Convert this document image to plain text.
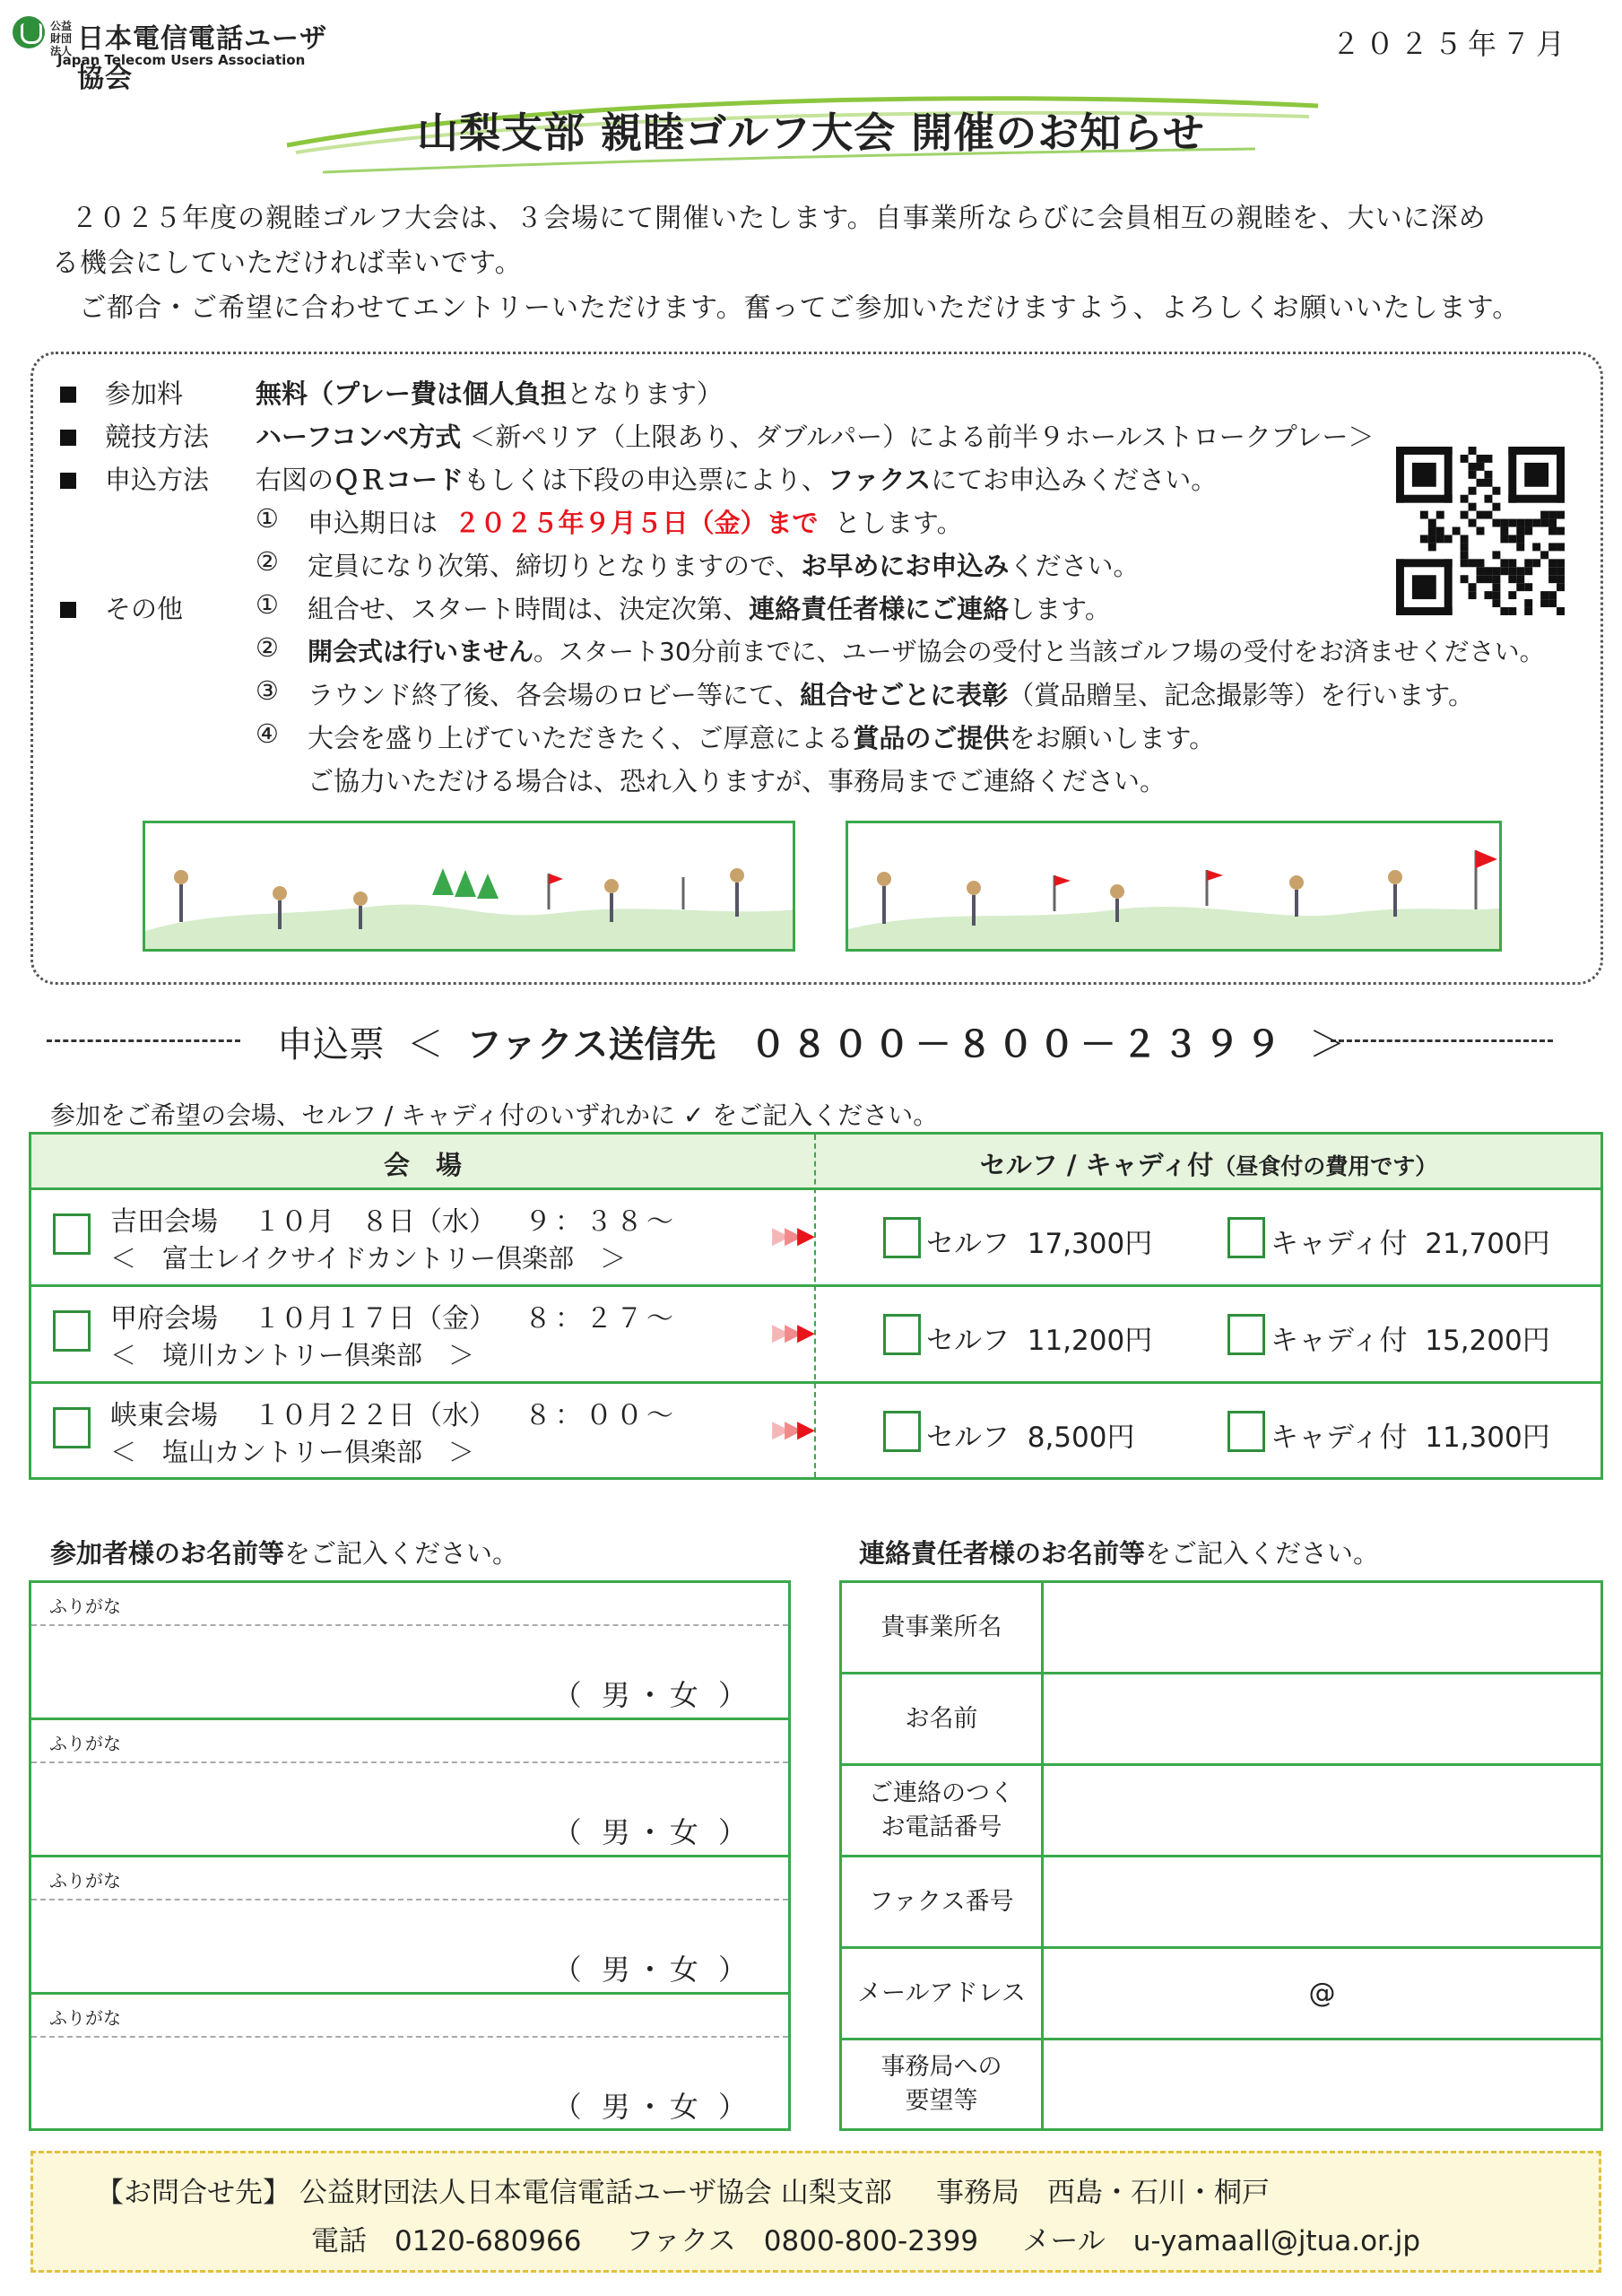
公益財団法人 日本電信電話ユーザ協会
Japan Telecom Users Association	２０２５年７月
山梨支部 親睦ゴルフ大会 開催のお知らせ
２０２５年度の親睦ゴルフ大会は、３会場にて開催いたします。自事業所ならびに会員相互の親睦を、大いに深め
る機会にしていただければ幸いです。
ご都合・ご希望に合わせてエントリーいただけます。奮ってご参加いただけますよう、よろしくお願いいたします。
参加料	無料（プレー費は個人負担となります）
競技方法 ハーフコンペ方式 ＜新ペリア（上限あり、ダブルパー）による前半９ホールストロークプレー＞
申込方法 右図のＱＲコードもしくは下段の申込票により、ファクスにてお申込みください。
① 申込期日は ２０２５年９月５日（金）まで とします。
② 定員になり次第、締切りとなりますので、お早めにお申込みください。
その他	① 組合せ、スタート時間は、決定次第、連絡責任者様にご連絡します。
② 開会式は行いません。スタート30分前までに、ユーザ協会の受付と当該ゴルフ場の受付をお済ませください。
③ ラウンド終了後、各会場のロビー等にて、組合せごとに表彰（賞品贈呈、記念撮影等）を行います。
④ 大会を盛り上げていただきたく、ご厚意による賞品のご提供をお願いします。
ご協力いただける場合は、恐れ入りますが、事務局までご連絡ください。
申込票 ＜ ファクス送信先 ０８００－８００－２３９９ ＞
参加をご希望の会場、セルフ / キャディ付のいずれかに ✓ をご記入ください。
会　場	セルフ / キャディ付（昼食付の費用です）
吉田会場 １０月　８日（水） ９：３８～
＜　富士レイクサイドカントリー倶楽部　＞
▶▶▶	セルフ 17,300円	キャディ付 21,700円
甲府会場 １０月１７日（金） ８：２７～
＜　境川カントリー倶楽部　＞
▶▶▶	セルフ 11,200円	キャディ付 15,200円
峡東会場 １０月２２日（水） ８：００～
＜　塩山カントリー倶楽部　＞
▶▶▶	セルフ 8,500円	キャディ付 11,300円
参加者様のお名前等をご記入ください。
ふりがな
（ 男・女 ）
ふりがな
（ 男・女 ）
ふりがな
（ 男・女 ）
ふりがな
（ 男・女 ）
連絡責任者様のお名前等をご記入ください。
貴事業所名
お名前
ご連絡のつく
お電話番号
ファクス番号
メールアドレス	@
事務局への
要望等
【お問合せ先】 公益財団法人日本電信電話ユーザ協会 山梨支部 事務局　西島・石川・桐戸
電話　0120-680966 ファクス　0800-800-2399 メール　u-yamaall@jtua.or.jp
